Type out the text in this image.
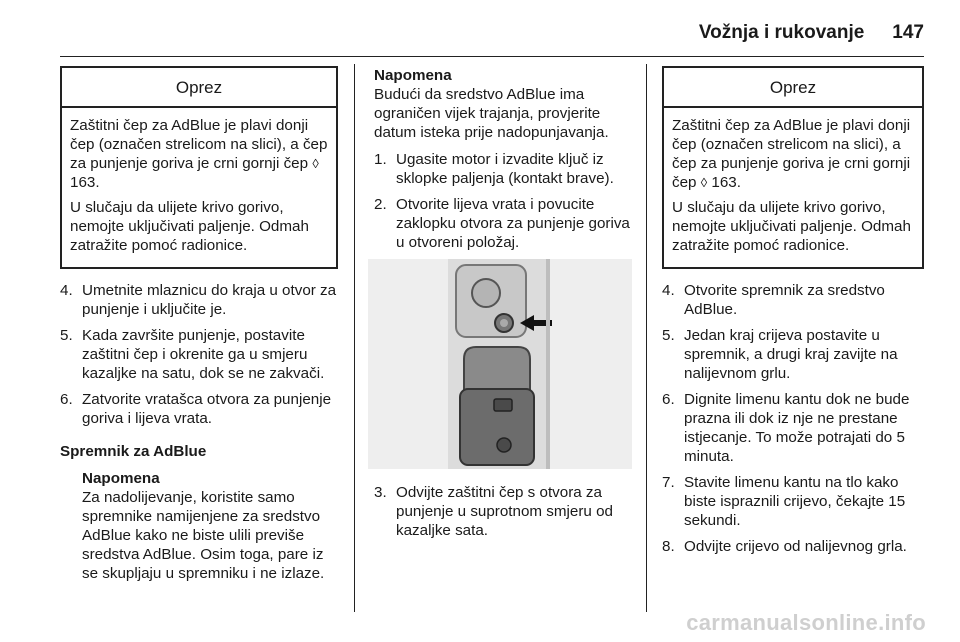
Vožnja i rukovanje 147
Oprez

Zaštitni čep za AdBlue je plavi donji čep (označen strelicom na slici), a čep za punjenje goriva je crni gornji čep ◊ 163.

U slučaju da ulijete krivo gorivo, nemojte uključivati paljenje. Odmah zatražite pomoć radionice.

4. Umetnite mlaznicu do kraja u otvor za punjenje i uključite je.
5. Kada završite punjenje, postavite zaštitni čep i okrenite ga u smjeru kazaljke na satu, dok se ne zakvači.
6. Zatvorite vratašca otvora za punjenje goriva i lijeva vrata.
Spremnik za AdBlue
Napomena
Za nadolijevanje, koristite samo spremnike namijenjene za sredstvo AdBlue kako ne biste ulili previše sredstva AdBlue. Osim toga, pare iz se skupljaju u spremniku i ne izlaze.
Napomena
Budući da sredstvo AdBlue ima ograničen vijek trajanja, provjerite datum isteka prije nadopunjavanja.
1. Ugasite motor i izvadite ključ iz sklopke paljenja (kontakt brave).
2. Otvorite lijeva vrata i povucite zaklopku otvora za punjenje goriva u otvoreni položaj.
3. Odvijte zaštitni čep s otvora za punjenje u suprotnom smjeru od kazaljke sata.
Oprez

Zaštitni čep za AdBlue je plavi donji čep (označen strelicom na slici), a čep za punjenje goriva je crni gornji čep ◊ 163.

U slučaju da ulijete krivo gorivo, nemojte uključivati paljenje. Odmah zatražite pomoć radionice.

4. Otvorite spremnik za sredstvo AdBlue.
5. Jedan kraj crijeva postavite u spremnik, a drugi kraj zavijte na nalijevnom grlu.
6. Dignite limenu kantu dok ne bude prazna ili dok iz nje ne prestane istjecanje. To može potrajati do 5 minuta.
7. Stavite limenu kantu na tlo kako biste ispraznili crijevo, čekajte 15 sekundi.
8. Odvijte crijevo od nalijevnog grla.
carmanualsonline.info
